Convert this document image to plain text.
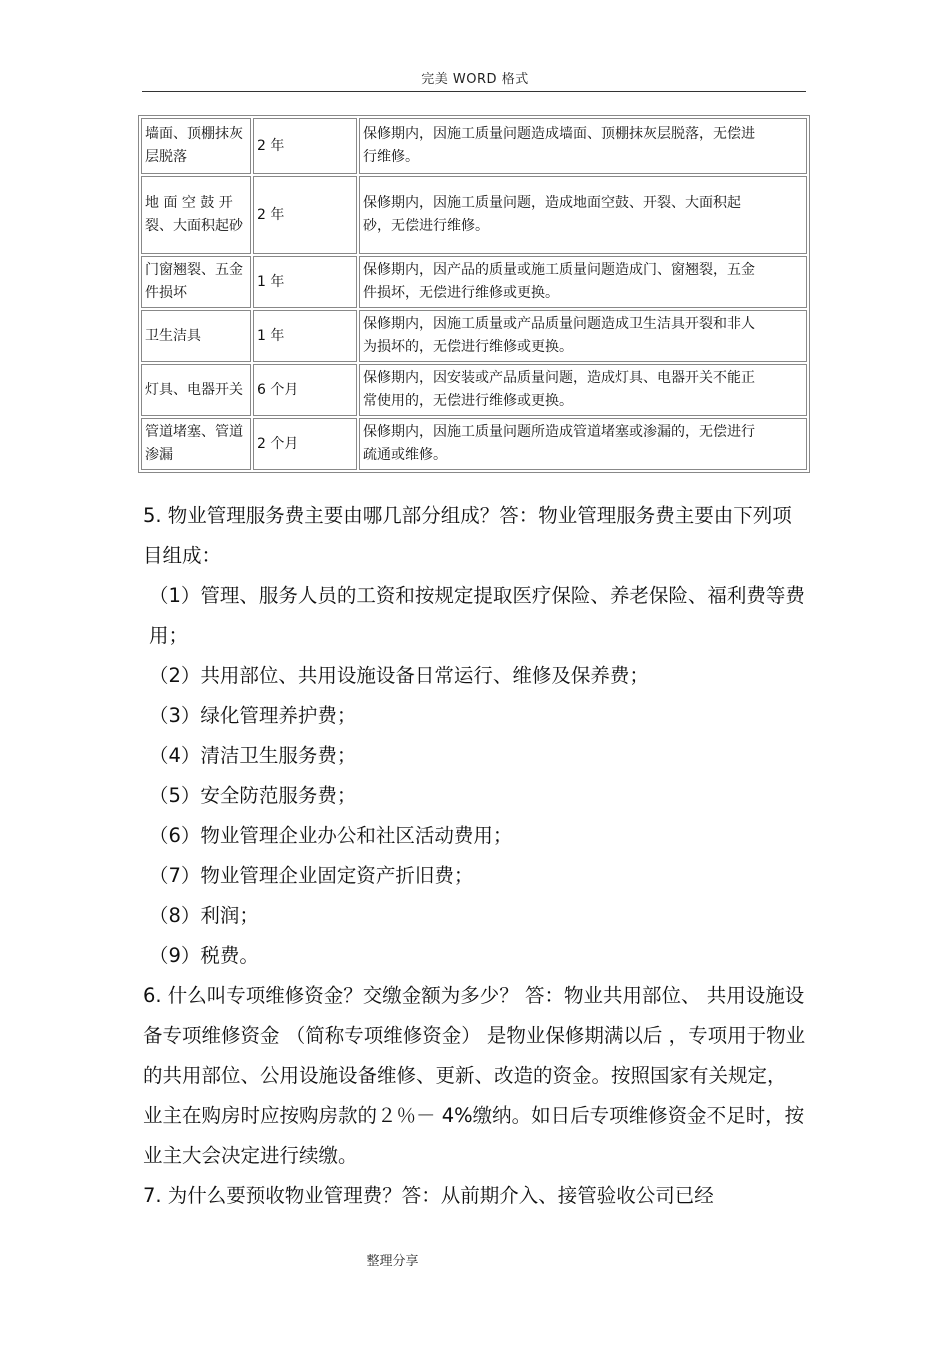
完美 WORD 格式
墙面、顶棚抹灰层脱落	2 年	保修期内，因施工质量问题造成墙面、顶棚抹灰层脱落，无偿进行维修。
地 面 空 鼓 开裂、大面积起砂	2 年	保修期内，因施工质量问题，造成地面空鼓、开裂、大面积起砂，无偿进行维修。
门窗翘裂、五金件损坏	1 年	保修期内，因产品的质量或施工质量问题造成门、窗翘裂，五金件损坏，无偿进行维修或更换。
卫生洁具	1 年	保修期内，因施工质量或产品质量问题造成卫生洁具开裂和非人为损坏的，无偿进行维修或更换。
灯具、电器开关	6 个月	保修期内，因安装或产品质量问题，造成灯具、电器开关不能正常使用的，无偿进行维修或更换。
管道堵塞、管道渗漏	2 个月	保修期内，因施工质量问题所造成管道堵塞或渗漏的，无偿进行疏通或维修。

5. 物业管理服务费主要由哪几部分组成？答：物业管理服务费主要由下列项目组成：

（1）管理、服务人员的工资和按规定提取医疗保险、养老保险、福利费等费用；

（2）共用部位、共用设施设备日常运行、维修及保养费；

（3）绿化管理养护费；

（4）清洁卫生服务费；

（5）安全防范服务费；

（6）物业管理企业办公和社区活动费用；

（7）物业管理企业固定资产折旧费；

（8）利润；

（9）税费。

6. 什么叫专项维修资金？交缴金额为多少？ 答：物业共用部位、 共用设施设备专项维修资金 （简称专项维修资金） 是物业保修期满以后 ，专项用于物业的共用部位、公用设施设备维修、更新、改造的资金。按照国家有关规定， 业主在购房时应按购房款的２％－ 4%缴纳。如日后专项维修资金不足时，按业主大会决定进行续缴。

7. 为什么要预收物业管理费？答：从前期介入、接管验收公司已经

整理分享
